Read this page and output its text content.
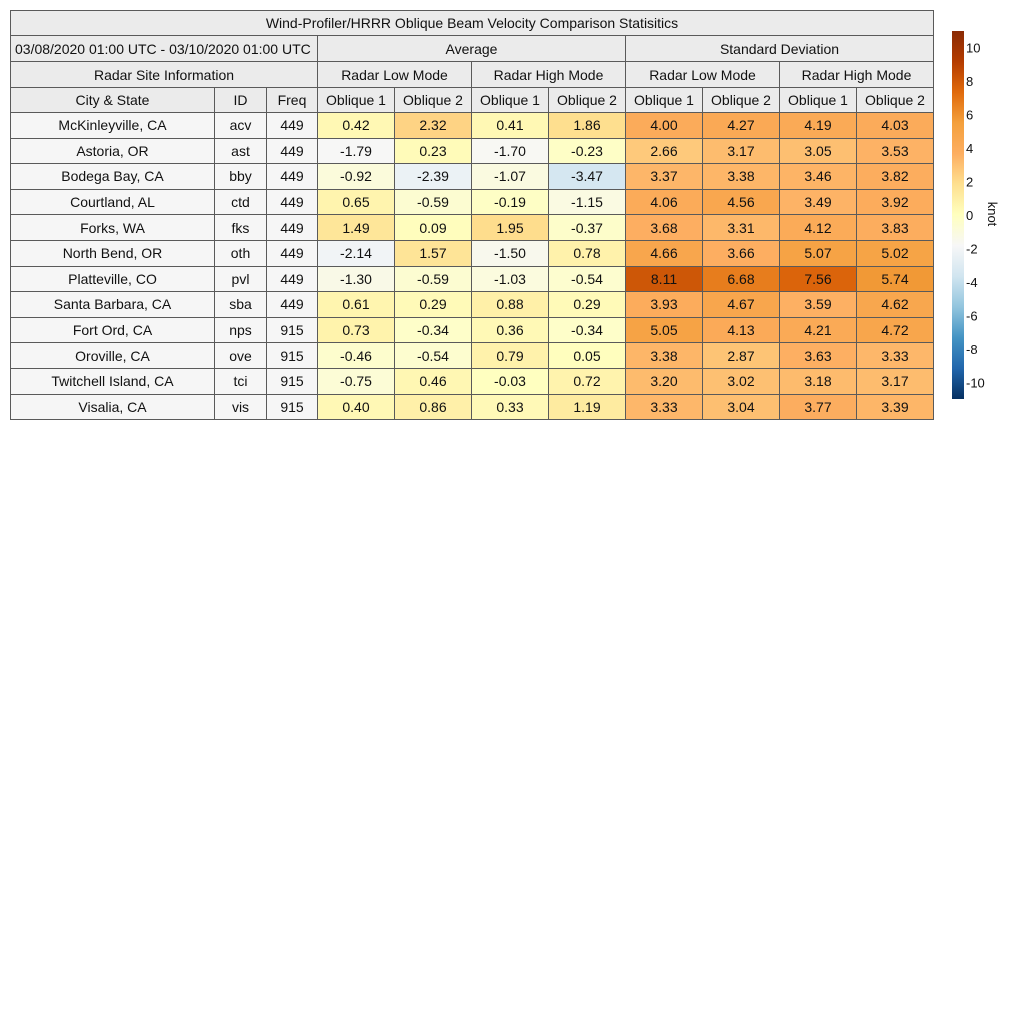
Wind-Profiler/HRRR Oblique Beam Velocity Comparison Statisitics										
03/08/2020 01:00 UTC - 03/10/2020 01:00 UTC			Average				Standard Deviation			
Radar Site Information			Radar Low Mode		Radar High Mode		Radar Low Mode		Radar High Mode	
City & State	ID	Freq	Oblique 1	Oblique 2	Oblique 1	Oblique 2	Oblique 1	Oblique 2	Oblique 1	Oblique 2
McKinleyville, CA	acv	449	0.42	2.32	0.41	1.86	4.00	4.27	4.19	4.03
Astoria, OR	ast	449	-1.79	0.23	-1.70	-0.23	2.66	3.17	3.05	3.53
Bodega Bay, CA	bby	449	-0.92	-2.39	-1.07	-3.47	3.37	3.38	3.46	3.82
Courtland, AL	ctd	449	0.65	-0.59	-0.19	-1.15	4.06	4.56	3.49	3.92
Forks, WA	fks	449	1.49	0.09	1.95	-0.37	3.68	3.31	4.12	3.83
North Bend, OR	oth	449	-2.14	1.57	-1.50	0.78	4.66	3.66	5.07	5.02
Platteville, CO	pvl	449	-1.30	-0.59	-1.03	-0.54	8.11	6.68	7.56	5.74
Santa Barbara, CA	sba	449	0.61	0.29	0.88	0.29	3.93	4.67	3.59	4.62
Fort Ord, CA	nps	915	0.73	-0.34	0.36	-0.34	5.05	4.13	4.21	4.72
Oroville, CA	ove	915	-0.46	-0.54	0.79	0.05	3.38	2.87	3.63	3.33
Twitchell Island, CA	tci	915	-0.75	0.46	-0.03	0.72	3.20	3.02	3.18	3.17
Visalia, CA	vis	915	0.40	0.86	0.33	1.19	3.33	3.04	3.77	3.39
10
8
6
4
2
0
-2
-4
-6
-8
-10
knot
